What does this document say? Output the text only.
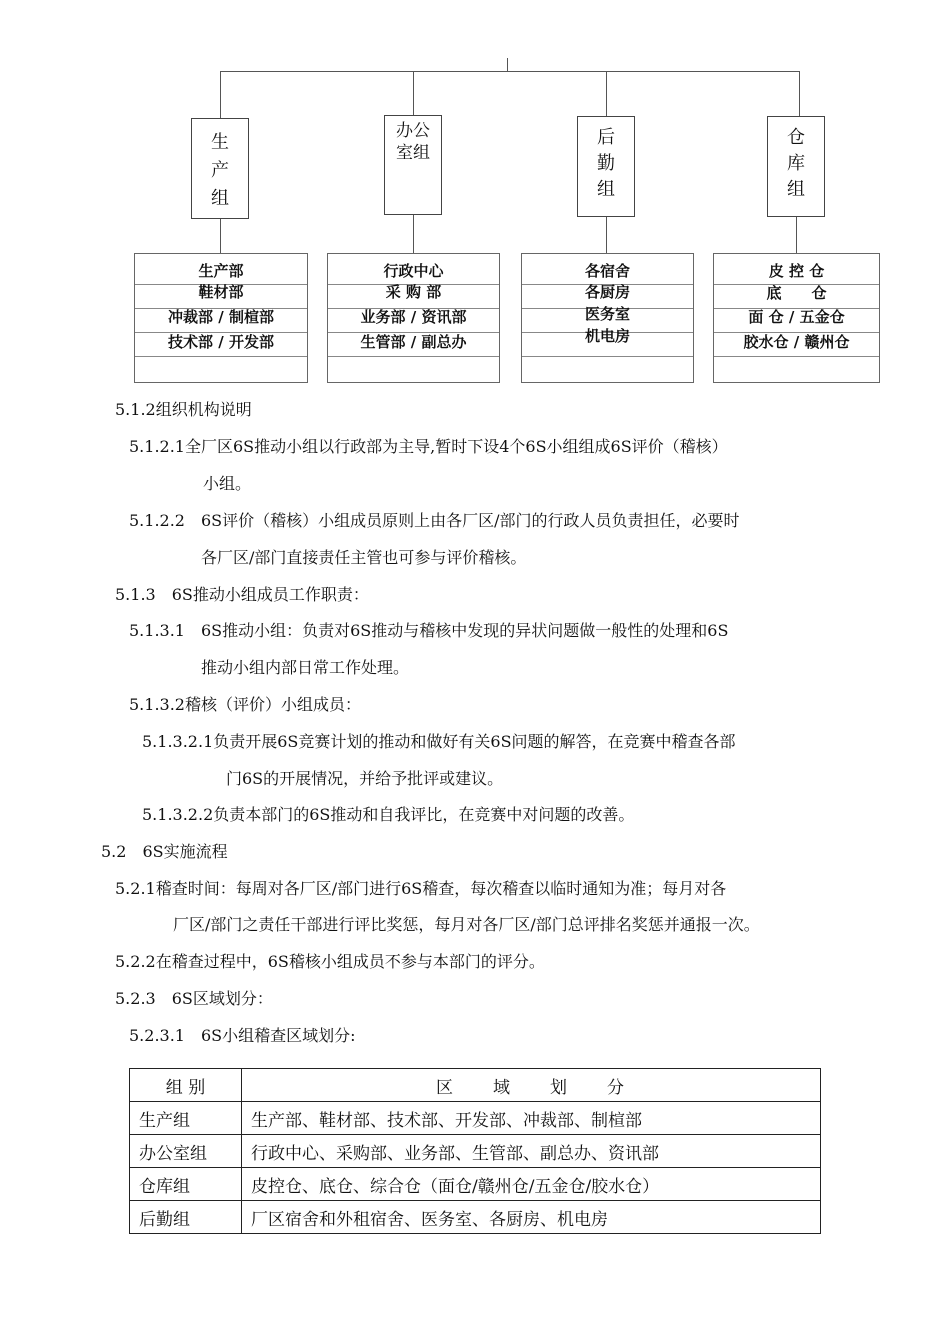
生产组
办公室组
后勤组
仓库组
生产部
鞋材部
冲裁部 / 制楦部
技术部 / 开发部
行政中心
采 购 部
业务部 / 资讯部
生管部 / 副总办
各宿舍
各厨房
医务室
机电房
皮 控 仓
底　　仓
面 仓 / 五金仓
胶水仓 / 赣州仓
5.1.2组织机构说明
5.1.2.1全厂区6S推动小组以行政部为主导,暂时下设4个6S小组组成6S评价（稽核）
小组。
5.1.2.2　6S评价（稽核）小组成员原则上由各厂区/部门的行政人员负责担任，必要时
各厂区/部门直接责任主管也可参与评价稽核。
5.1.3　6S推动小组成员工作职责：
5.1.3.1　6S推动小组：负责对6S推动与稽核中发现的异状问题做一般性的处理和6S
推动小组内部日常工作处理。
5.1.3.2稽核（评价）小组成员：
5.1.3.2.1负责开展6S竞赛计划的推动和做好有关6S问题的解答，在竞赛中稽查各部
门6S的开展情况，并给予批评或建议。
5.1.3.2.2负责本部门的6S推动和自我评比，在竞赛中对问题的改善。
5.2　6S实施流程
5.2.1稽查时间：每周对各厂区/部门进行6S稽查，每次稽查以临时通知为准；每月对各
厂区/部门之责任干部进行评比奖惩，每月对各厂区/部门总评排名奖惩并通报一次。
5.2.2在稽查过程中，6S稽核小组成员不参与本部门的评分。
5.2.3　6S区域划分：
5.2.3.1　6S小组稽查区域划分:
组 别	区　　域　　划　　分
生产组	生产部、鞋材部、技术部、开发部、冲裁部、制楦部
办公室组	行政中心、采购部、业务部、生管部、副总办、资讯部
仓库组	皮控仓、底仓、综合仓（面仓/赣州仓/五金仓/胶水仓）
后勤组	厂区宿舍和外租宿舍、医务室、各厨房、机电房
